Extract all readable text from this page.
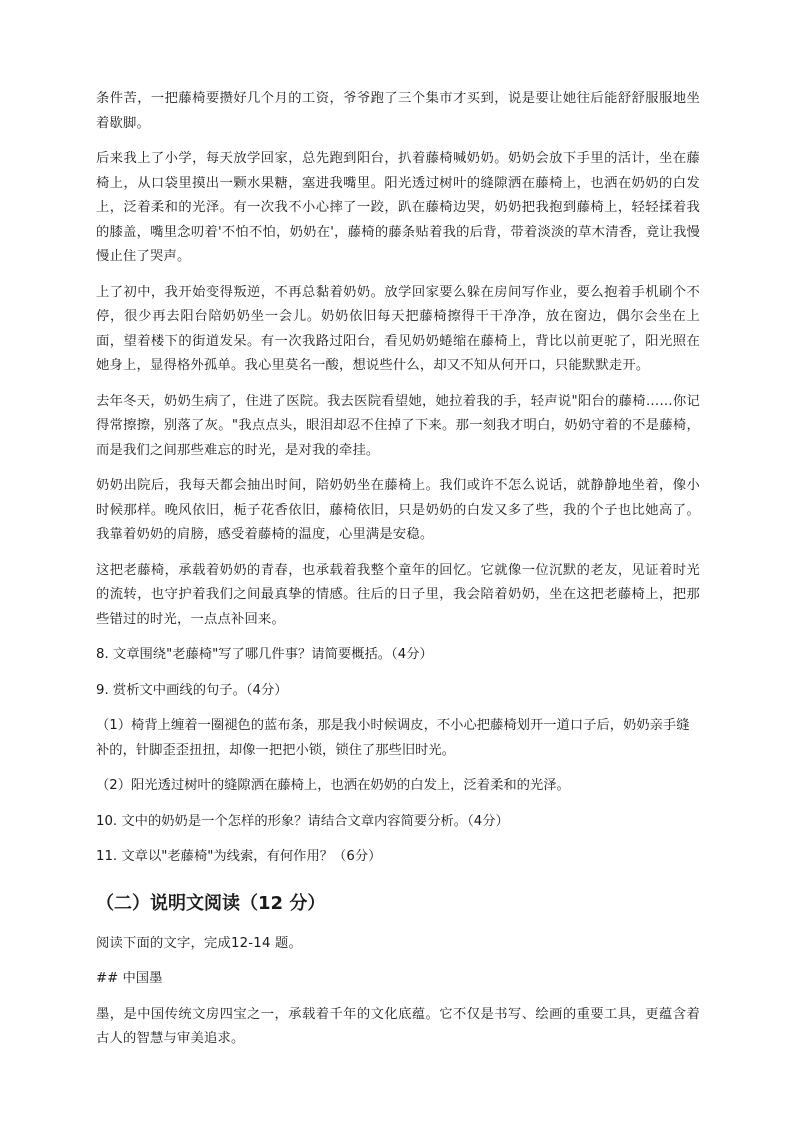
条件苦，一把藤椅要攒好几个月的工资，爷爷跑了三个集市才买到，说是要让她往后能舒舒服服地坐着歇脚。

后来我上了小学，每天放学回家，总先跑到阳台，扒着藤椅喊奶奶。奶奶会放下手里的活计，坐在藤椅上，从口袋里摸出一颗水果糖，塞进我嘴里。阳光透过树叶的缝隙洒在藤椅上，也洒在奶奶的白发上，泛着柔和的光泽。有一次我不小心摔了一跤，趴在藤椅边哭，奶奶把我抱到藤椅上，轻轻揉着我的膝盖，嘴里念叨着'不怕不怕，奶奶在'，藤椅的藤条贴着我的后背，带着淡淡的草木清香，竟让我慢慢止住了哭声。

上了初中，我开始变得叛逆，不再总黏着奶奶。放学回家要么躲在房间写作业，要么抱着手机刷个不停，很少再去阳台陪奶奶坐一会儿。奶奶依旧每天把藤椅擦得干干净净，放在窗边，偶尔会坐在上面，望着楼下的街道发呆。有一次我路过阳台，看见奶奶蜷缩在藤椅上，背比以前更驼了，阳光照在她身上，显得格外孤单。我心里莫名一酸，想说些什么，却又不知从何开口，只能默默走开。

去年冬天，奶奶生病了，住进了医院。我去医院看望她，她拉着我的手，轻声说"阳台的藤椅……你记得常擦擦，别落了灰。"我点点头，眼泪却忍不住掉了下来。那一刻我才明白，奶奶守着的不是藤椅，而是我们之间那些难忘的时光，是对我的牵挂。

奶奶出院后，我每天都会抽出时间，陪奶奶坐在藤椅上。我们或许不怎么说话，就静静地坐着，像小时候那样。晚风依旧，栀子花香依旧，藤椅依旧，只是奶奶的白发又多了些，我的个子也比她高了。我靠着奶奶的肩膀，感受着藤椅的温度，心里满是安稳。

这把老藤椅，承载着奶奶的青春，也承载着我整个童年的回忆。它就像一位沉默的老友，见证着时光的流转，也守护着我们之间最真挚的情感。往后的日子里，我会陪着奶奶，坐在这把老藤椅上，把那些错过的时光，一点点补回来。

8. 文章围绕"老藤椅"写了哪几件事？请简要概括。（4分）

9. 赏析文中画线的句子。（4分）

（1）椅背上缠着一圈褪色的蓝布条，那是我小时候调皮，不小心把藤椅划开一道口子后，奶奶亲手缝补的，针脚歪歪扭扭，却像一把把小锁，锁住了那些旧时光。

（2）阳光透过树叶的缝隙洒在藤椅上，也洒在奶奶的白发上，泛着柔和的光泽。

10. 文中的奶奶是一个怎样的形象？请结合文章内容简要分析。（4分）

11. 文章以"老藤椅"为线索，有何作用？（6分）

（二）说明文阅读（12 分）

阅读下面的文字，完成12-14 题。

## 中国墨

墨，是中国传统文房四宝之一，承载着千年的文化底蕴。它不仅是书写、绘画的重要工具，更蕴含着古人的智慧与审美追求。
